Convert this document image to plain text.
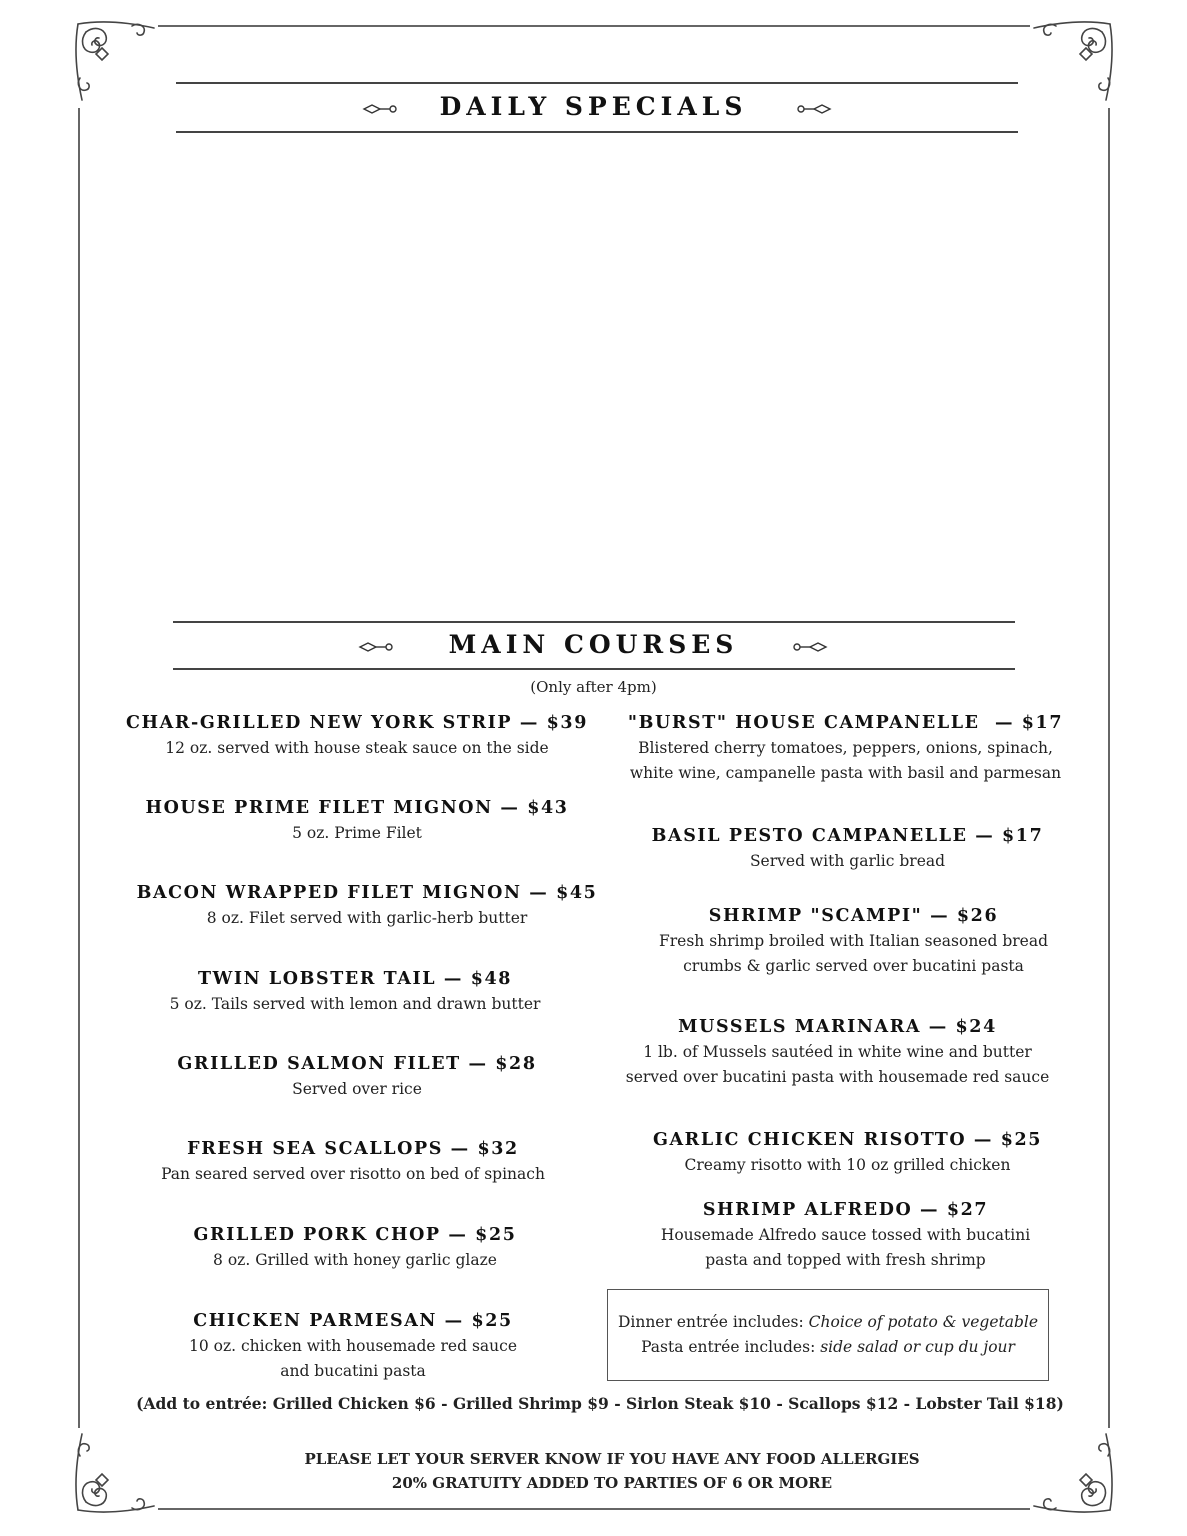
DAILY SPECIALS
MAIN COURSES
(Only after 4pm)
CHAR-GRILLED NEW YORK STRIP — $39
12 oz. served with house steak sauce on the side
HOUSE PRIME FILET MIGNON — $43
5 oz. Prime Filet
BACON WRAPPED FILET MIGNON — $45
8 oz. Filet served with garlic-herb butter
TWIN LOBSTER TAIL — $48
5 oz. Tails served with lemon and drawn butter
GRILLED SALMON FILET — $28
Served over rice
FRESH SEA SCALLOPS — $32
Pan seared served over risotto on bed of spinach
GRILLED PORK CHOP — $25
8 oz. Grilled with honey garlic glaze
CHICKEN PARMESAN — $25
10 oz. chicken with housemade red sauce
and bucatini pasta
"BURST" HOUSE CAMPANELLE  — $17
Blistered cherry tomatoes, peppers, onions, spinach,
white wine, campanelle pasta with basil and parmesan
BASIL PESTO CAMPANELLE — $17
Served with garlic bread
SHRIMP "SCAMPI" — $26
Fresh shrimp broiled with Italian seasoned bread
crumbs & garlic served over bucatini pasta
MUSSELS MARINARA — $24
1 lb. of Mussels sautéed in white wine and butter
served over bucatini pasta with housemade red sauce
GARLIC CHICKEN RISOTTO — $25
Creamy risotto with 10 oz grilled chicken
SHRIMP ALFREDO — $27
Housemade Alfredo sauce tossed with bucatini
pasta and topped with fresh shrimp
Dinner entrée includes: Choice of potato & vegetable
Pasta entrée includes: side salad or cup du jour
(Add to entrée: Grilled Chicken $6 - Grilled Shrimp $9 - Sirlon Steak $10 - Scallops $12 - Lobster Tail $18)
PLEASE LET YOUR SERVER KNOW IF YOU HAVE ANY FOOD ALLERGIES
20% GRATUITY ADDED TO PARTIES OF 6 OR MORE
